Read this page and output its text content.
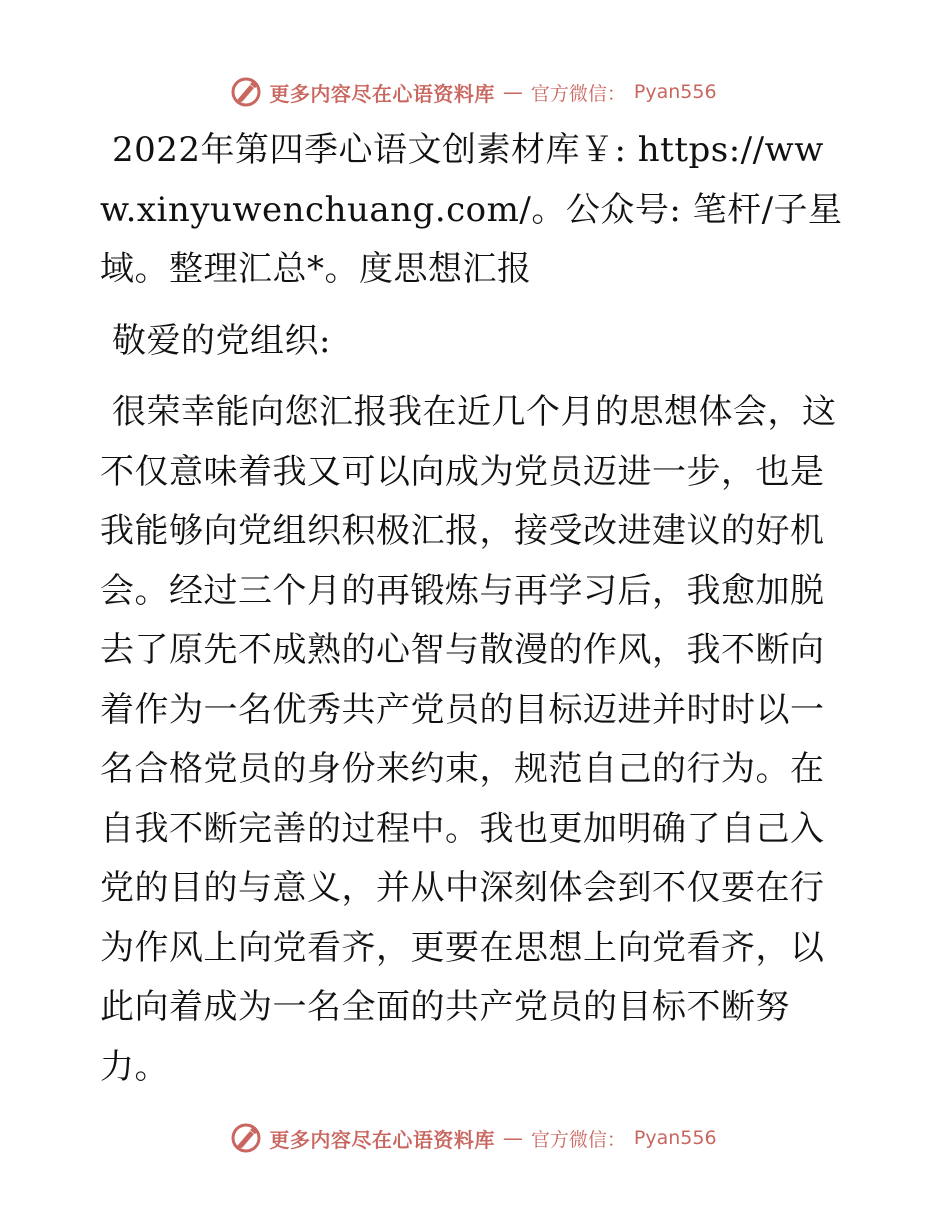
更多内容尽在心语资料库 — 官方微信： Pyan556

2022年第四季心语文创素材库￥: https://www.xinyuwenchuang.com/。公众号: 笔杆/子星域。整理汇总*。度思想汇报

敬爱的党组织:

很荣幸能向您汇报我在近几个月的思想体会，这不仅意味着我又可以向成为党员迈进一步，也是我能够向党组织积极汇报，接受改进建议的好机会。经过三个月的再锻炼与再学习后，我愈加脱去了原先不成熟的心智与散漫的作风，我不断向着作为一名优秀共产党员的目标迈进并时时以一名合格党员的身份来约束，规范自己的行为。在自我不断完善的过程中。我也更加明确了自己入党的目的与意义，并从中深刻体会到不仅要在行为作风上向党看齐，更要在思想上向党看齐，以此向着成为一名全面的共产党员的目标不断努力。

更多内容尽在心语资料库 — 官方微信： Pyan556
